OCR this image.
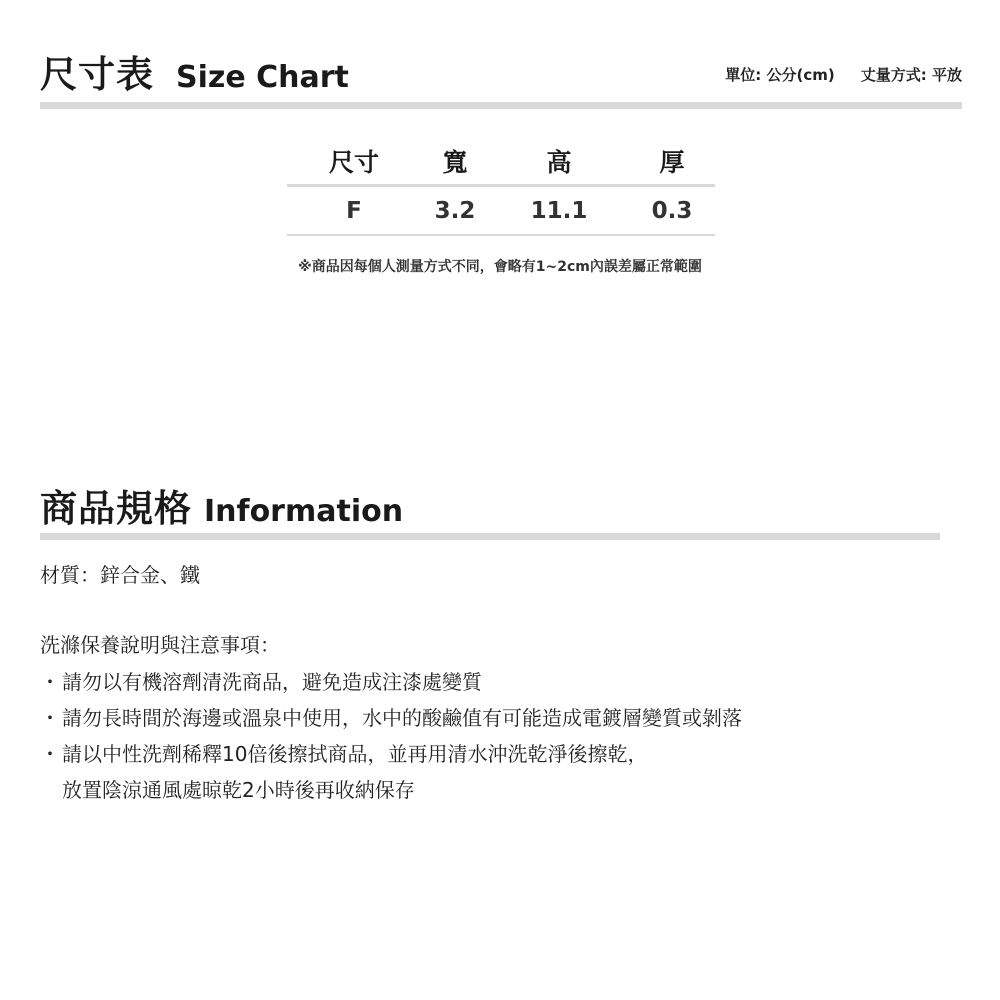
尺寸表 Size Chart	單位: 公分(cm) 丈量方式: 平放
尺寸	寬	高	厚
F	3.2	11.1	0.3
※商品因每個人測量方式不同，會略有1~2cm內誤差屬正常範圍
商品規格 Information
材質：鋅合金、鐵
洗滌保養說明與注意事項：
・ 請勿以有機溶劑清洗商品，避免造成注漆處變質
・ 請勿長時間於海邊或溫泉中使用，水中的酸鹼值有可能造成電鍍層變質或剝落
・ 請以中性洗劑稀釋10倍後擦拭商品，並再用清水沖洗乾淨後擦乾，
放置陰涼通風處晾乾2小時後再收納保存
